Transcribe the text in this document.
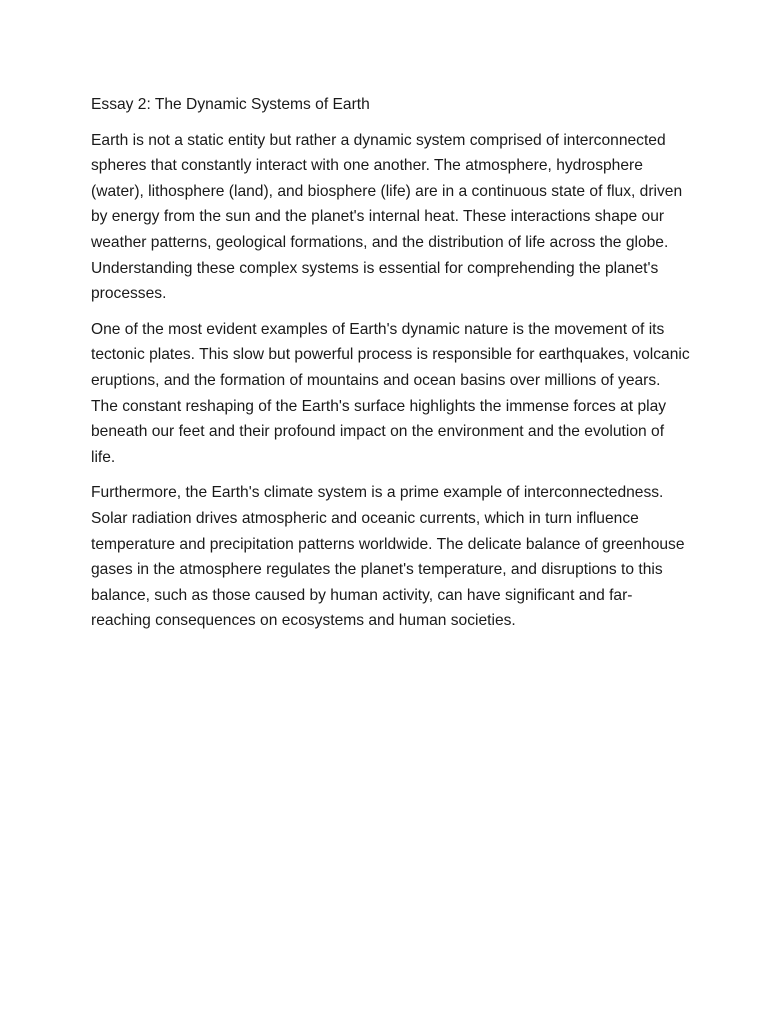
Essay 2: The Dynamic Systems of Earth

Earth is not a static entity but rather a dynamic system comprised of interconnected spheres that constantly interact with one another. The atmosphere, hydrosphere (water), lithosphere (land), and biosphere (life) are in a continuous state of flux, driven by energy from the sun and the planet's internal heat. These interactions shape our weather patterns, geological formations, and the distribution of life across the globe. Understanding these complex systems is essential for comprehending the planet's processes.

One of the most evident examples of Earth's dynamic nature is the movement of its tectonic plates. This slow but powerful process is responsible for earthquakes, volcanic eruptions, and the formation of mountains and ocean basins over millions of years. The constant reshaping of the Earth's surface highlights the immense forces at play beneath our feet and their profound impact on the environment and the evolution of life.

Furthermore, the Earth's climate system is a prime example of interconnectedness. Solar radiation drives atmospheric and oceanic currents, which in turn influence temperature and precipitation patterns worldwide. The delicate balance of greenhouse gases in the atmosphere regulates the planet's temperature, and disruptions to this balance, such as those caused by human activity, can have significant and far-reaching consequences on ecosystems and human societies.
